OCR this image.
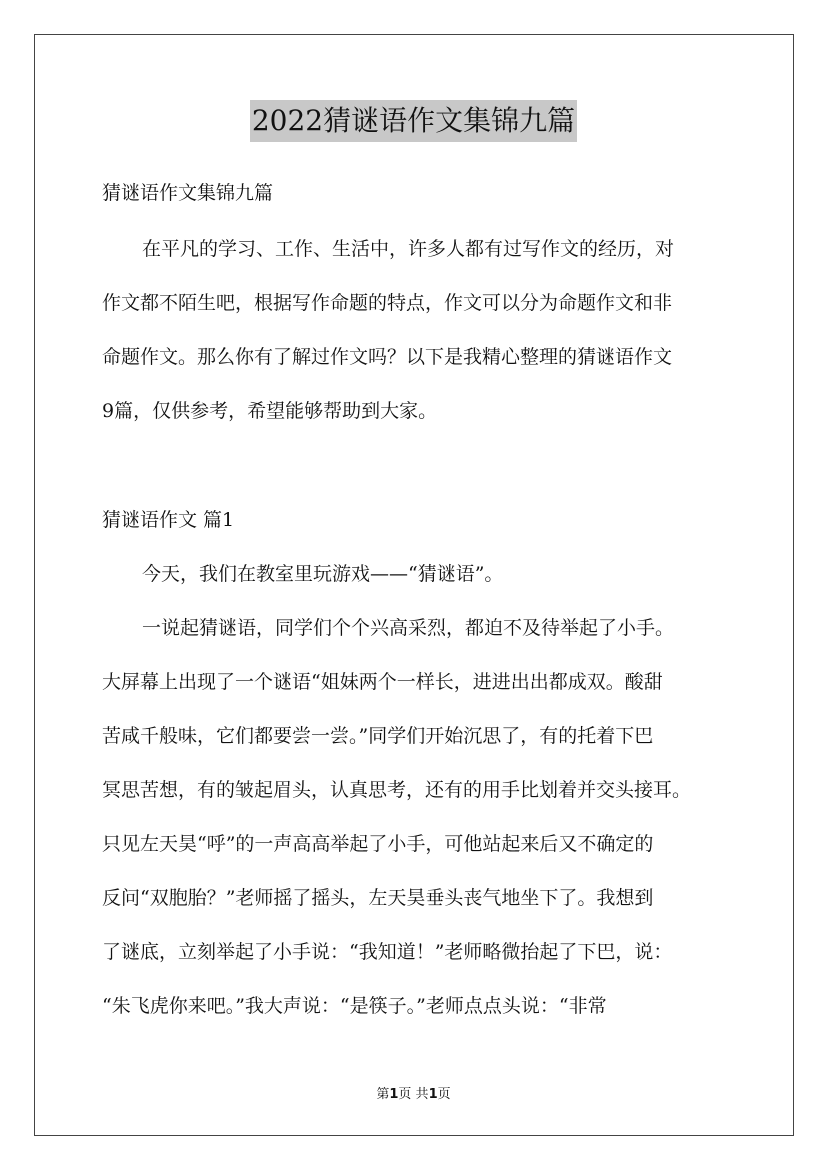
2022猜谜语作文集锦九篇

猜谜语作文集锦九篇

在平凡的学习、工作、生活中，许多人都有过写作文的经历，对

作文都不陌生吧，根据写作命题的特点，作文可以分为命题作文和非

命题作文。那么你有了解过作文吗？以下是我精心整理的猜谜语作文

9篇，仅供参考，希望能够帮助到大家。

猜谜语作文 篇1

今天，我们在教室里玩游戏——“猜谜语”。

一说起猜谜语，同学们个个兴高采烈，都迫不及待举起了小手。

大屏幕上出现了一个谜语“姐妹两个一样长，进进出出都成双。酸甜

苦咸千般味，它们都要尝一尝。”同学们开始沉思了，有的托着下巴

冥思苦想，有的皱起眉头，认真思考，还有的用手比划着并交头接耳。

只见左天昊“呼”的一声高高举起了小手，可他站起来后又不确定的

反问“双胞胎？”老师摇了摇头，左天昊垂头丧气地坐下了。我想到

了谜底，立刻举起了小手说：“我知道！”老师略微抬起了下巴，说：

“朱飞虎你来吧。”我大声说：“是筷子。”老师点点头说：“非常

第1页 共1页
